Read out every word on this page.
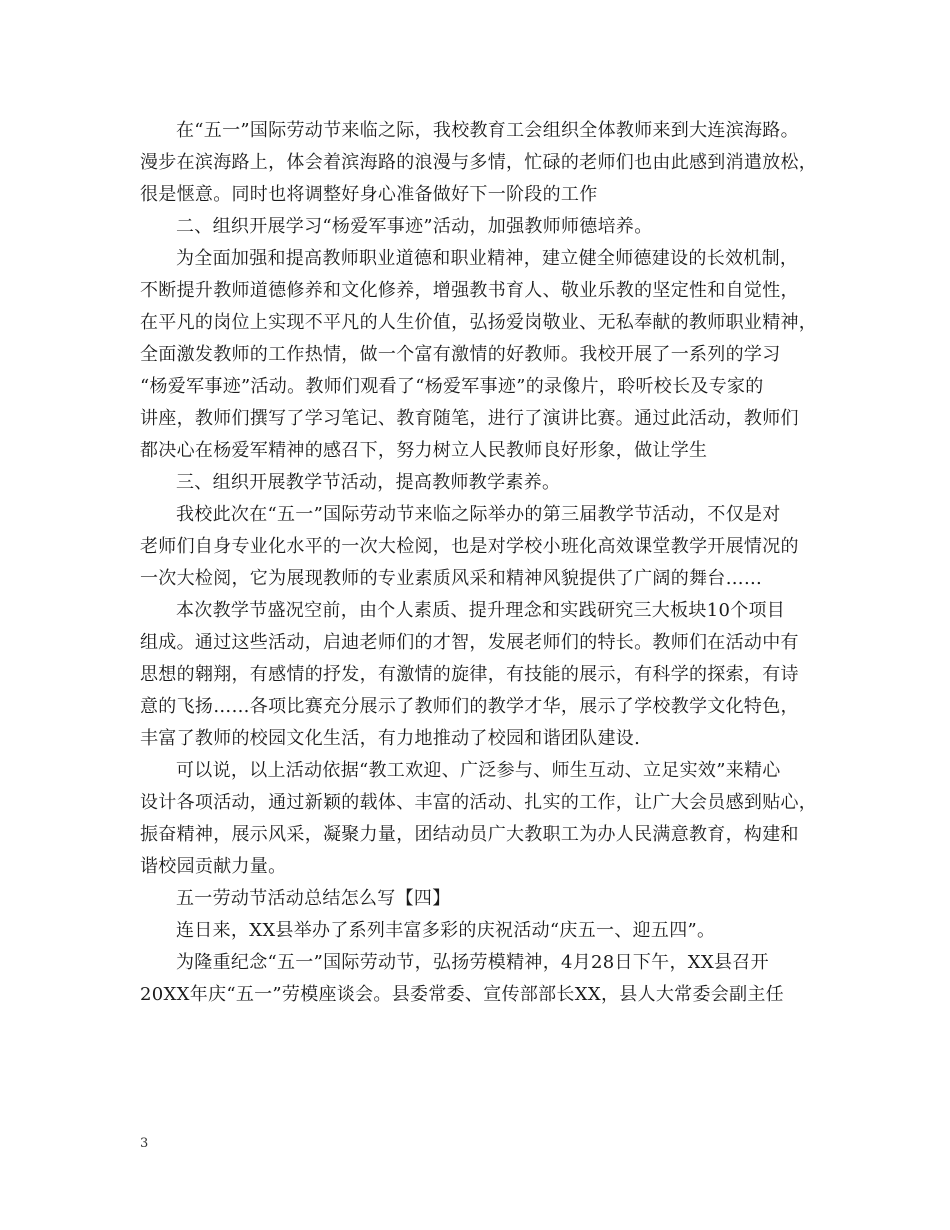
在“五一”国际劳动节来临之际，我校教育工会组织全体教师来到大连滨海路。
漫步在滨海路上，体会着滨海路的浪漫与多情，忙碌的老师们也由此感到消遣放松，
很是惬意。同时也将调整好身心准备做好下一阶段的工作
二、组织开展学习“杨爱军事迹”活动，加强教师师德培养。
为全面加强和提高教师职业道德和职业精神，建立健全师德建设的长效机制，
不断提升教师道德修养和文化修养，增强教书育人、敬业乐教的坚定性和自觉性，
在平凡的岗位上实现不平凡的人生价值，弘扬爱岗敬业、无私奉献的教师职业精神，
全面激发教师的工作热情，做一个富有激情的好教师。我校开展了一系列的学习
“杨爱军事迹”活动。教师们观看了“杨爱军事迹”的录像片，聆听校长及专家的
讲座，教师们撰写了学习笔记、教育随笔，进行了演讲比赛。通过此活动，教师们
都决心在杨爱军精神的感召下，努力树立人民教师良好形象，做让学生
三、组织开展教学节活动，提高教师教学素养。
我校此次在“五一”国际劳动节来临之际举办的第三届教学节活动，不仅是对
老师们自身专业化水平的一次大检阅，也是对学校小班化高效课堂教学开展情况的
一次大检阅，它为展现教师的专业素质风采和精神风貌提供了广阔的舞台……
本次教学节盛况空前，由个人素质、提升理念和实践研究三大板块10个项目
组成。通过这些活动，启迪老师们的才智，发展老师们的特长。教师们在活动中有
思想的翱翔，有感情的抒发，有激情的旋律，有技能的展示，有科学的探索，有诗
意的飞扬……各项比赛充分展示了教师们的教学才华，展示了学校教学文化特色，
丰富了教师的校园文化生活，有力地推动了校园和谐团队建设.
可以说，以上活动依据“教工欢迎、广泛参与、师生互动、立足实效”来精心
设计各项活动，通过新颖的载体、丰富的活动、扎实的工作，让广大会员感到贴心，
振奋精神，展示风采，凝聚力量，团结动员广大教职工为办人民满意教育，构建和
谐校园贡献力量。
五一劳动节活动总结怎么写【四】
连日来，XX县举办了系列丰富多彩的庆祝活动“庆五一、迎五四”。
为隆重纪念“五一”国际劳动节，弘扬劳模精神，4月28日下午，XX县召开
20XX年庆“五一”劳模座谈会。县委常委、宣传部部长XX，县人大常委会副主任
3
